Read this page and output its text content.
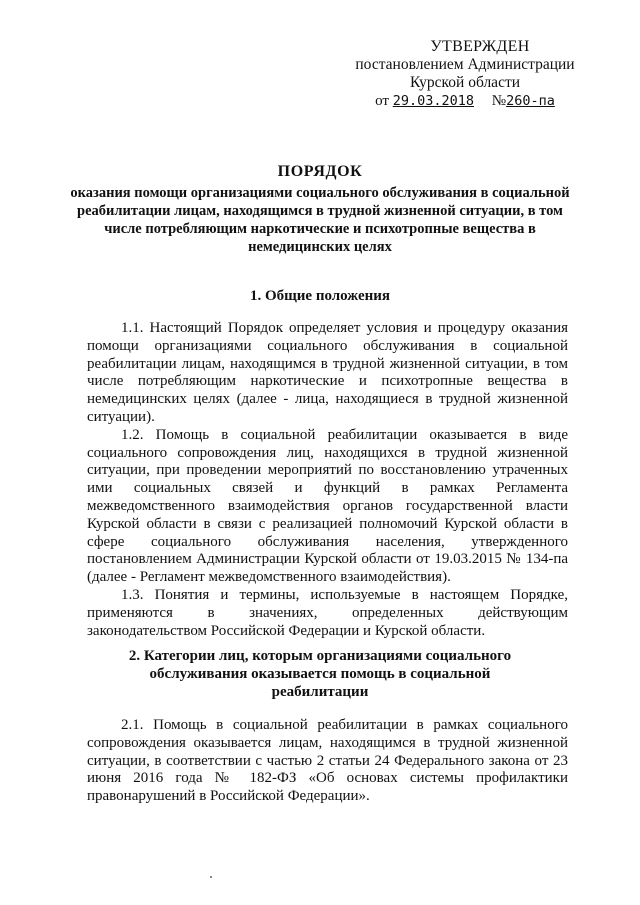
УТВЕРЖДЕН
постановлением Администрации
Курской области
от 29.03.2018 №260-па
ПОРЯДОК
оказания помощи организациями социального обслуживания в социальной реабилитации лицам, находящимся в трудной жизненной ситуации, в том числе потребляющим наркотические и психотропные вещества в немедицинских целях
1. Общие положения

1.1. Настоящий Порядок определяет условия и процедуру оказания помощи организациями социального обслуживания в социальной реабилитации лицам, находящимся в трудной жизненной ситуации, в том числе потребляющим наркотические и психотропные вещества в немедицинских целях (далее - лица, находящиеся в трудной жизненной ситуации).

1.2. Помощь в социальной реабилитации оказывается в виде социального сопровождения лиц, находящихся в трудной жизненной ситуации, при проведении мероприятий по восстановлению утраченных ими социальных связей и функций в рамках Регламента межведомственного взаимодействия органов государственной власти Курской области в связи с реализацией полномочий Курской области в сфере социального обслуживания населения, утвержденного постановлением Администрации Курской области от 19.03.2015 № 134-па (далее - Регламент межведомственного взаимодействия).

1.3. Понятия и термины, используемые в настоящем Порядке, применяются в значениях, определенных действующим законодательством Российской Федерации и Курской области.

2. Категории лиц, которым организациями социального обслуживания оказывается помощь в социальной реабилитации

2.1. Помощь в социальной реабилитации в рамках социального сопровождения оказывается лицам, находящимся в трудной жизненной ситуации, в соответствии с частью 2 статьи 24 Федерального закона от 23 июня 2016 года № 182-ФЗ «Об основах системы профилактики правонарушений в Российской Федерации».
